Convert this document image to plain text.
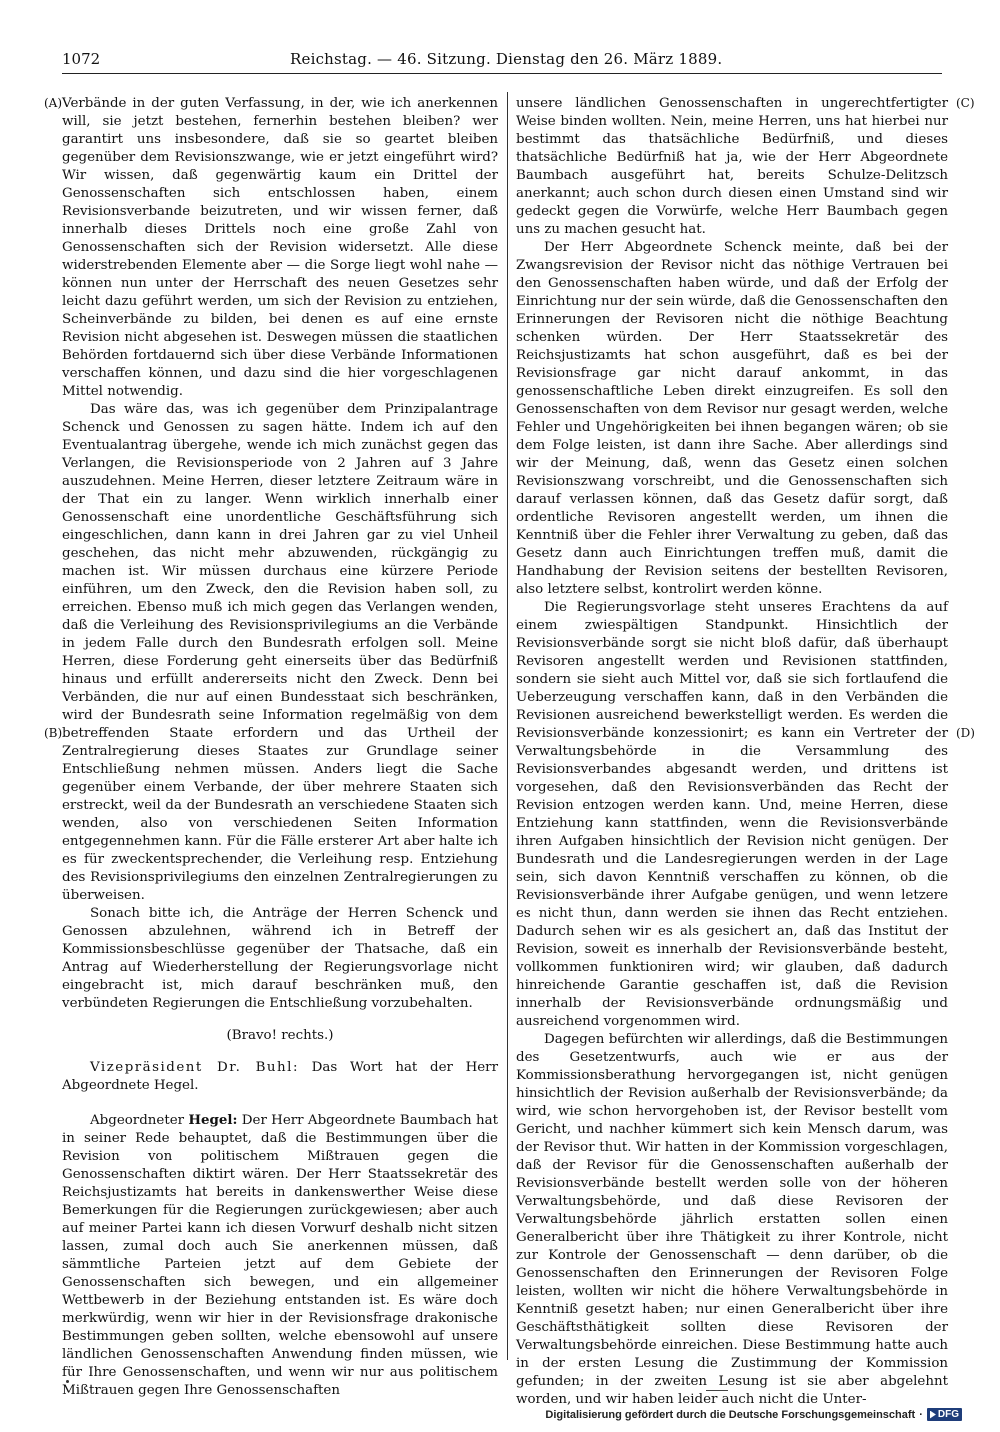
1072	Reichstag. — 46. Sitzung. Dienstag den 26. März 1889.
(A)
(B)
(C)
(D)

Verbände in der guten Verfassung, in der, wie ich anerkennen will, sie jetzt bestehen, fernerhin bestehen bleiben? wer garantirt uns insbesondere, daß sie so geartet bleiben gegenüber dem Revisionszwange, wie er jetzt eingeführt wird? Wir wissen, daß gegenwärtig kaum ein Drittel der Genossenschaften sich entschlossen haben, einem Revisionsverbande beizutreten, und wir wissen ferner, daß innerhalb dieses Drittels noch eine große Zahl von Genossenschaften sich der Revision widersetzt. Alle diese widerstrebenden Elemente aber — die Sorge liegt wohl nahe — können nun unter der Herrschaft des neuen Gesetzes sehr leicht dazu geführt werden, um sich der Revision zu entziehen, Scheinverbände zu bilden, bei denen es auf eine ernste Revision nicht abgesehen ist. Deswegen müssen die staatlichen Behörden fortdauernd sich über diese Verbände Informationen verschaffen können, und dazu sind die hier vorgeschlagenen Mittel notwendig.

Das wäre das, was ich gegenüber dem Prinzipalantrage Schenck und Genossen zu sagen hätte. Indem ich auf den Eventualantrag übergehe, wende ich mich zunächst gegen das Verlangen, die Revisionsperiode von 2 Jahren auf 3 Jahre auszudehnen. Meine Herren, dieser letztere Zeitraum wäre in der That ein zu langer. Wenn wirklich innerhalb einer Genossenschaft eine unordentliche Geschäftsführung sich eingeschlichen, dann kann in drei Jahren gar zu viel Unheil geschehen, das nicht mehr abzuwenden, rückgängig zu machen ist. Wir müssen durchaus eine kürzere Periode einführen, um den Zweck, den die Revision haben soll, zu erreichen. Ebenso muß ich mich gegen das Verlangen wenden, daß die Verleihung des Revisionsprivilegiums an die Verbände in jedem Falle durch den Bundesrath erfolgen soll. Meine Herren, diese Forderung geht einerseits über das Bedürfniß hinaus und erfüllt andererseits nicht den Zweck. Denn bei Verbänden, die nur auf einen Bundesstaat sich beschränken, wird der Bundesrath seine Information regelmäßig von dem betreffenden Staate erfordern und das Urtheil der Zentralregierung dieses Staates zur Grundlage seiner Entschließung nehmen müssen. Anders liegt die Sache gegenüber einem Verbande, der über mehrere Staaten sich erstreckt, weil da der Bundesrath an verschiedene Staaten sich wenden, also von verschiedenen Seiten Information entgegennehmen kann. Für die Fälle ersterer Art aber halte ich es für zweckentsprechender, die Verleihung resp. Entziehung des Revisionsprivilegiums den einzelnen Zentralregierungen zu überweisen.

Sonach bitte ich, die Anträge der Herren Schenck und Genossen abzulehnen, während ich in Betreff der Kommissionsbeschlüsse gegenüber der Thatsache, daß ein Antrag auf Wiederherstellung der Regierungsvorlage nicht eingebracht ist, mich darauf beschränken muß, den verbündeten Regierungen die Entschließung vorzubehalten.

(Bravo! rechts.)

Vizepräsident Dr. Buhl: Das Wort hat der Herr Abgeordnete Hegel.

Abgeordneter Hegel: Der Herr Abgeordnete Baumbach hat in seiner Rede behauptet, daß die Bestimmungen über die Revision von politischem Mißtrauen gegen die Genossenschaften diktirt wären. Der Herr Staatssekretär des Reichsjustizamts hat bereits in dankenswerther Weise diese Bemerkungen für die Regierungen zurückgewiesen; aber auch auf meiner Partei kann ich diesen Vorwurf deshalb nicht sitzen lassen, zumal doch auch Sie anerkennen müssen, daß sämmtliche Parteien jetzt auf dem Gebiete der Genossenschaften sich bewegen, und ein allgemeiner Wettbewerb in der Beziehung entstanden ist. Es wäre doch merkwürdig, wenn wir hier in der Revisionsfrage drakonische Bestimmungen geben sollten, welche ebensowohl auf unsere ländlichen Genossenschaften Anwendung finden müssen, wie für Ihre Genossenschaften, und wenn wir nur aus politischem Mißtrauen gegen Ihre Genossenschaften

unsere ländlichen Genossenschaften in ungerechtfertigter Weise binden wollten. Nein, meine Herren, uns hat hierbei nur bestimmt das thatsächliche Bedürfniß, und dieses thatsächliche Bedürfniß hat ja, wie der Herr Abgeordnete Baumbach ausgeführt hat, bereits Schulze-Delitzsch anerkannt; auch schon durch diesen einen Umstand sind wir gedeckt gegen die Vorwürfe, welche Herr Baumbach gegen uns zu machen gesucht hat.

Der Herr Abgeordnete Schenck meinte, daß bei der Zwangsrevision der Revisor nicht das nöthige Vertrauen bei den Genossenschaften haben würde, und daß der Erfolg der Einrichtung nur der sein würde, daß die Genossenschaften den Erinnerungen der Revisoren nicht die nöthige Beachtung schenken würden. Der Herr Staatssekretär des Reichsjustizamts hat schon ausgeführt, daß es bei der Revisionsfrage gar nicht darauf ankommt, in das genossenschaftliche Leben direkt einzugreifen. Es soll den Genossenschaften von dem Revisor nur gesagt werden, welche Fehler und Ungehörigkeiten bei ihnen begangen wären; ob sie dem Folge leisten, ist dann ihre Sache. Aber allerdings sind wir der Meinung, daß, wenn das Gesetz einen solchen Revisionszwang vorschreibt, und die Genossenschaften sich darauf verlassen können, daß das Gesetz dafür sorgt, daß ordentliche Revisoren angestellt werden, um ihnen die Kenntniß über die Fehler ihrer Verwaltung zu geben, daß das Gesetz dann auch Einrichtungen treffen muß, damit die Handhabung der Revision seitens der bestellten Revisoren, also letztere selbst, kontrolirt werden könne.

Die Regierungsvorlage steht unseres Erachtens da auf einem zwiespältigen Standpunkt. Hinsichtlich der Revisionsverbände sorgt sie nicht bloß dafür, daß überhaupt Revisoren angestellt werden und Revisionen stattfinden, sondern sie sieht auch Mittel vor, daß sie sich fortlaufend die Ueberzeugung verschaffen kann, daß in den Verbänden die Revisionen ausreichend bewerkstelligt werden. Es werden die Revisionsverbände konzessionirt; es kann ein Vertreter der Verwaltungsbehörde in die Versammlung des Revisionsverbandes abgesandt werden, und drittens ist vorgesehen, daß den Revisionsverbänden das Recht der Revision entzogen werden kann. Und, meine Herren, diese Entziehung kann stattfinden, wenn die Revisionsverbände ihren Aufgaben hinsichtlich der Revision nicht genügen. Der Bundesrath und die Landesregierungen werden in der Lage sein, sich davon Kenntniß verschaffen zu können, ob die Revisionsverbände ihrer Aufgabe genügen, und wenn letzere es nicht thun, dann werden sie ihnen das Recht entziehen. Dadurch sehen wir es als gesichert an, daß das Institut der Revision, soweit es innerhalb der Revisionsverbände besteht, vollkommen funktioniren wird; wir glauben, daß dadurch hinreichende Garantie geschaffen ist, daß die Revision innerhalb der Revisionsverbände ordnungsmäßig und ausreichend vorgenommen wird.

Dagegen befürchten wir allerdings, daß die Bestimmungen des Gesetzentwurfs, auch wie er aus der Kommissionsberathung hervorgegangen ist, nicht genügen hinsichtlich der Revision außerhalb der Revisionsverbände; da wird, wie schon hervorgehoben ist, der Revisor bestellt vom Gericht, und nachher kümmert sich kein Mensch darum, was der Revisor thut. Wir hatten in der Kommission vorgeschlagen, daß der Revisor für die Genossenschaften außerhalb der Revisionsverbände bestellt werden solle von der höheren Verwaltungsbehörde, und daß diese Revisoren der Verwaltungsbehörde jährlich erstatten sollen einen Generalbericht über ihre Thätigkeit zu ihrer Kontrole, nicht zur Kontrole der Genossenschaft — denn darüber, ob die Genossenschaften den Erinnerungen der Revisoren Folge leisten, wollten wir nicht die höhere Verwaltungsbehörde in Kenntniß gesetzt haben; nur einen Generalbericht über ihre Geschäftsthätigkeit sollten diese Revisoren der Verwaltungsbehörde einreichen. Diese Bestimmung hatte auch in der ersten Lesung die Zustimmung der Kommission gefunden; in der zweiten Lesung ist sie aber abgelehnt worden, und wir haben leider auch nicht die Unter-

Digitalisierung gefördert durch die Deutsche Forschungsgemeinschaft · DFG
